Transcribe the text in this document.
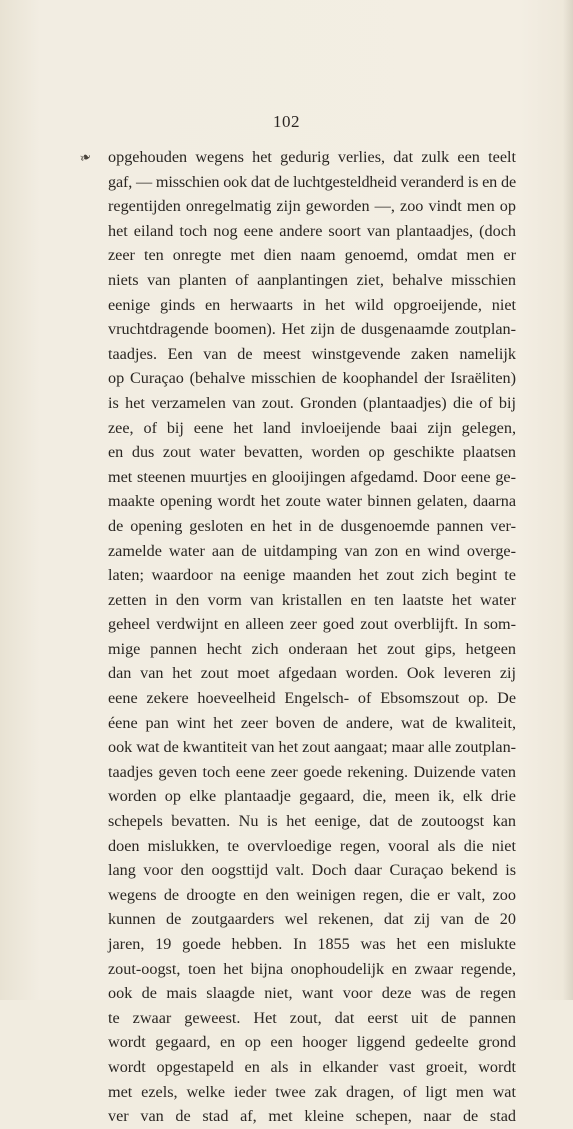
102
❧ opgehouden wegens het gedurig verlies, dat zulk een teelt
gaf, — misschien ook dat de luchtgesteldheid veranderd is en de
regentijden onregelmatig zijn geworden —, zoo vindt men op
het eiland toch nog eene andere soort van plantaadjes, (doch
zeer ten onregte met dien naam genoemd, omdat men er
niets van planten of aanplantingen ziet, behalve misschien
eenige ginds en herwaarts in het wild opgroeijende, niet
vruchtdragende boomen). Het zijn de dusgenaamde zoutplan-
taadjes. Een van de meest winstgevende zaken namelijk
op Curaçao (behalve misschien de koophandel der Israëliten)
is het verzamelen van zout. Gronden (plantaadjes) die of bij
zee, of bij eene het land invloeijende baai zijn gelegen,
en dus zout water bevatten, worden op geschikte plaatsen
met steenen muurtjes en glooijingen afgedamd. Door eene ge-
maakte opening wordt het zoute water binnen gelaten, daarna
de opening gesloten en het in de dusgenoemde pannen ver-
zamelde water aan de uitdamping van zon en wind overge-
laten; waardoor na eenige maanden het zout zich begint te
zetten in den vorm van kristallen en ten laatste het water
geheel verdwijnt en alleen zeer goed zout overblijft. In som-
mige pannen hecht zich onderaan het zout gips, hetgeen
dan van het zout moet afgedaan worden. Ook leveren zij
eene zekere hoeveelheid Engelsch- of Ebsomszout op. De
éene pan wint het zeer boven de andere, wat de kwaliteit,
ook wat de kwantiteit van het zout aangaat; maar alle zoutplan-
taadjes geven toch eene zeer goede rekening. Duizende vaten
worden op elke plantaadje gegaard, die, meen ik, elk drie
schepels bevatten. Nu is het eenige, dat de zoutoogst kan
doen mislukken, te overvloedige regen, vooral als die niet
lang voor den oogsttijd valt. Doch daar Curaçao bekend is
wegens de droogte en den weinigen regen, die er valt, zoo
kunnen de zoutgaarders wel rekenen, dat zij van de 20
jaren, 19 goede hebben. In 1855 was het een mislukte
zout-oogst, toen het bijna onophoudelijk en zwaar regende,
ook de mais slaagde niet, want voor deze was de regen
te zwaar geweest. Het zout, dat eerst uit de pannen
wordt gegaard, en op een hooger liggend gedeelte grond
wordt opgestapeld en als in elkander vast groeit, wordt
met ezels, welke ieder twee zak dragen, of ligt men wat
ver van de stad af, met kleine schepen, naar de stad
